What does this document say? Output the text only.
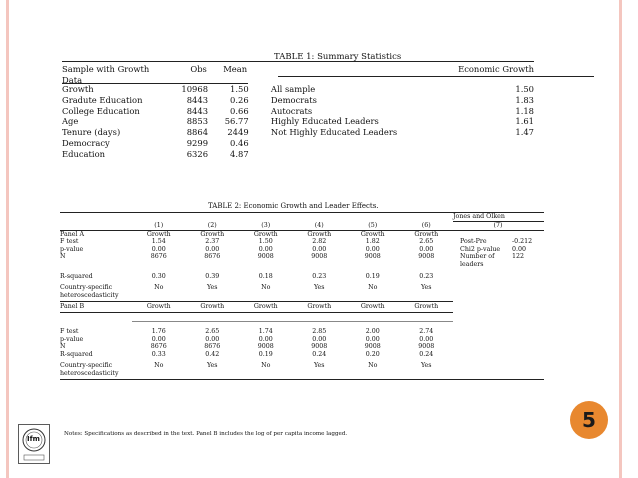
TABLE 1: Summary Statistics
Sample with Growth	Obs	Mean	Economic Growth
Data
Growth	10968	1.50	All sample	1.50
Gradute Education	8443	0.26	Democrats	1.83
College Education	8443	0.66	Autocrats	1.18
Age	8853	56.77	Highly Educated Leaders	1.61
Tenure (days)	8864	2449	Not Highly Educated Leaders	1.47
Democracy	9299	0.46
Education	6326	4.87
TABLE 2: Economic Growth and Leader Effects.
Jones and Olken
(1)	(2)	(3)	(4)	(5)	(6)	(7)
Panel A	Growth	Growth	Growth	Growth	Growth	Growth
F test	1.54	2.37	1.50	2.82	1.82	2.65	Post-Pre	-0.212
p-value	0.00	0.00	0.00	0.00	0.00	0.00	Chi2 p-value	0.00
N	8676	8676	9008	9008	9008	9008	Number of	122
leaders
R-squared	0.30	0.39	0.18	0.23	0.19	0.23
Country-specific	No	Yes	No	Yes	No	Yes
heteroscedasticity
Panel B	Growth	Growth	Growth	Growth	Growth	Growth
F test	1.76	2.65	1.74	2.85	2.00	2.74
p-value	0.00	0.00	0.00	0.00	0.00	0.00
N	8676	8676	9008	9008	9008	9008
R-squared	0.33	0.42	0.19	0.24	0.20	0.24
Country-specific	No	Yes	No	Yes	No	Yes
heteroscedasticity
Notes: Specifications as described in the text. Panel B includes the log of per capita income lagged.
Ifm
5
